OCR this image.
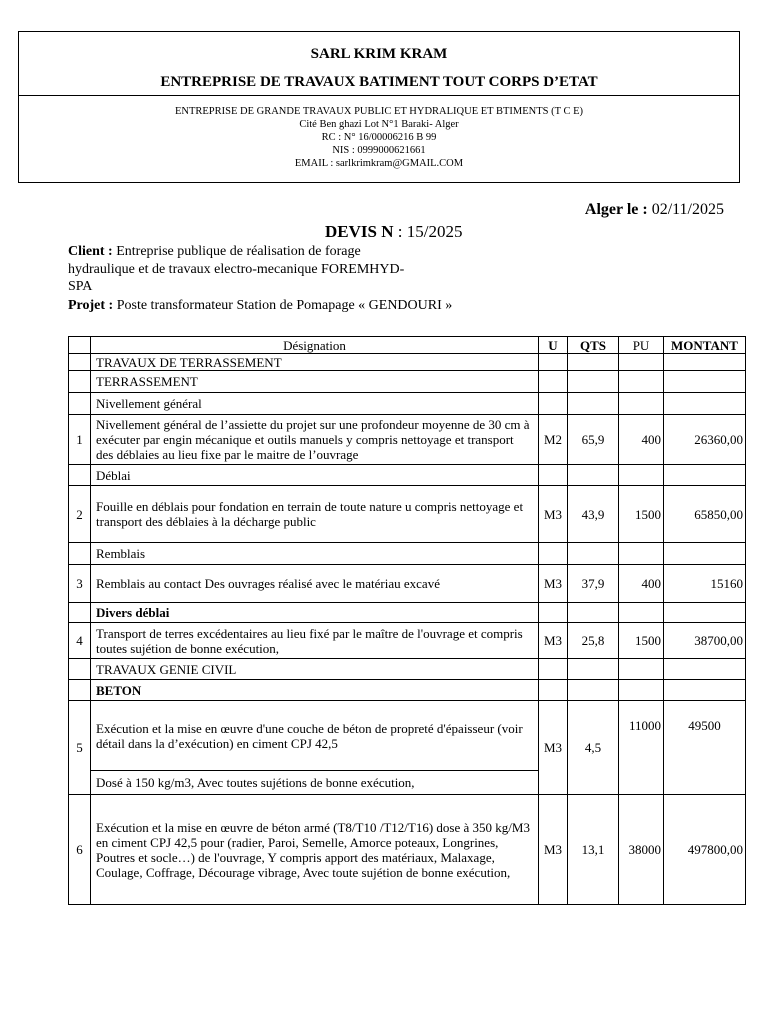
SARL KRIM KRAM
ENTREPRISE DE TRAVAUX BATIMENT TOUT CORPS D’ETAT
ENTREPRISE DE GRANDE TRAVAUX PUBLIC ET HYDRALIQUE ET BTIMENTS (T C E)
Cité Ben ghazi Lot N°1 Baraki- Alger
RC : N° 16/00006216 B 99
NIS : 0999000621661
EMAIL : sarlkrimkram@GMAIL.COM
Alger le : 02/11/2025
DEVIS N : 15/2025
Client : Entreprise publique de réalisation de forage
hydraulique et de travaux electro-mecanique FOREMHYD-
SPA
Projet : Poste transformateur Station de Pomapage « GENDOURI »
	Désignation	U	QTS	PU	MONTANT
	TRAVAUX DE TERRASSEMENT				
	TERRASSEMENT				
	Nivellement général				
1	Nivellement général de l’assiette du projet sur une profondeur moyenne de 30 cm à exécuter par engin mécanique et outils manuels y compris nettoyage et transport des déblaies au lieu fixe par le maitre de l’ouvrage	M2	65,9	400	26360,00
	Déblai				
2	Fouille en déblais pour fondation en terrain de toute nature u compris nettoyage et transport des déblaies à la décharge public	M3	43,9	1500	65850,00
	Remblais				
3	Remblais au contact Des ouvrages réalisé avec le matériau excavé	M3	37,9	400	15160
	Divers déblai				
4	Transport de terres excédentaires au lieu fixé par le maître de l'ouvrage et compris toutes sujétion de bonne exécution,	M3	25,8	1500	38700,00
	TRAVAUX GENIE CIVIL				
	BETON				
5	Exécution et la mise en œuvre d'une couche de béton de propreté d'épaisseur (voir détail dans la d’exécution) en ciment CPJ 42,5	M3	4,5	11000	49500
	Dosé à 150 kg/m3, Avec toutes sujétions de bonne exécution,				
6	Exécution et la mise en œuvre de béton armé (T8/T10 /T12/T16) dose à 350 kg/M3 en ciment CPJ 42,5 pour (radier, Paroi, Semelle, Amorce poteaux, Longrines, Poutres et socle…) de l'ouvrage, Y compris apport des matériaux, Malaxage, Coulage, Coffrage, Décourage vibrage, Avec toute sujétion de bonne exécution,	M3	13,1	38000	497800,00
